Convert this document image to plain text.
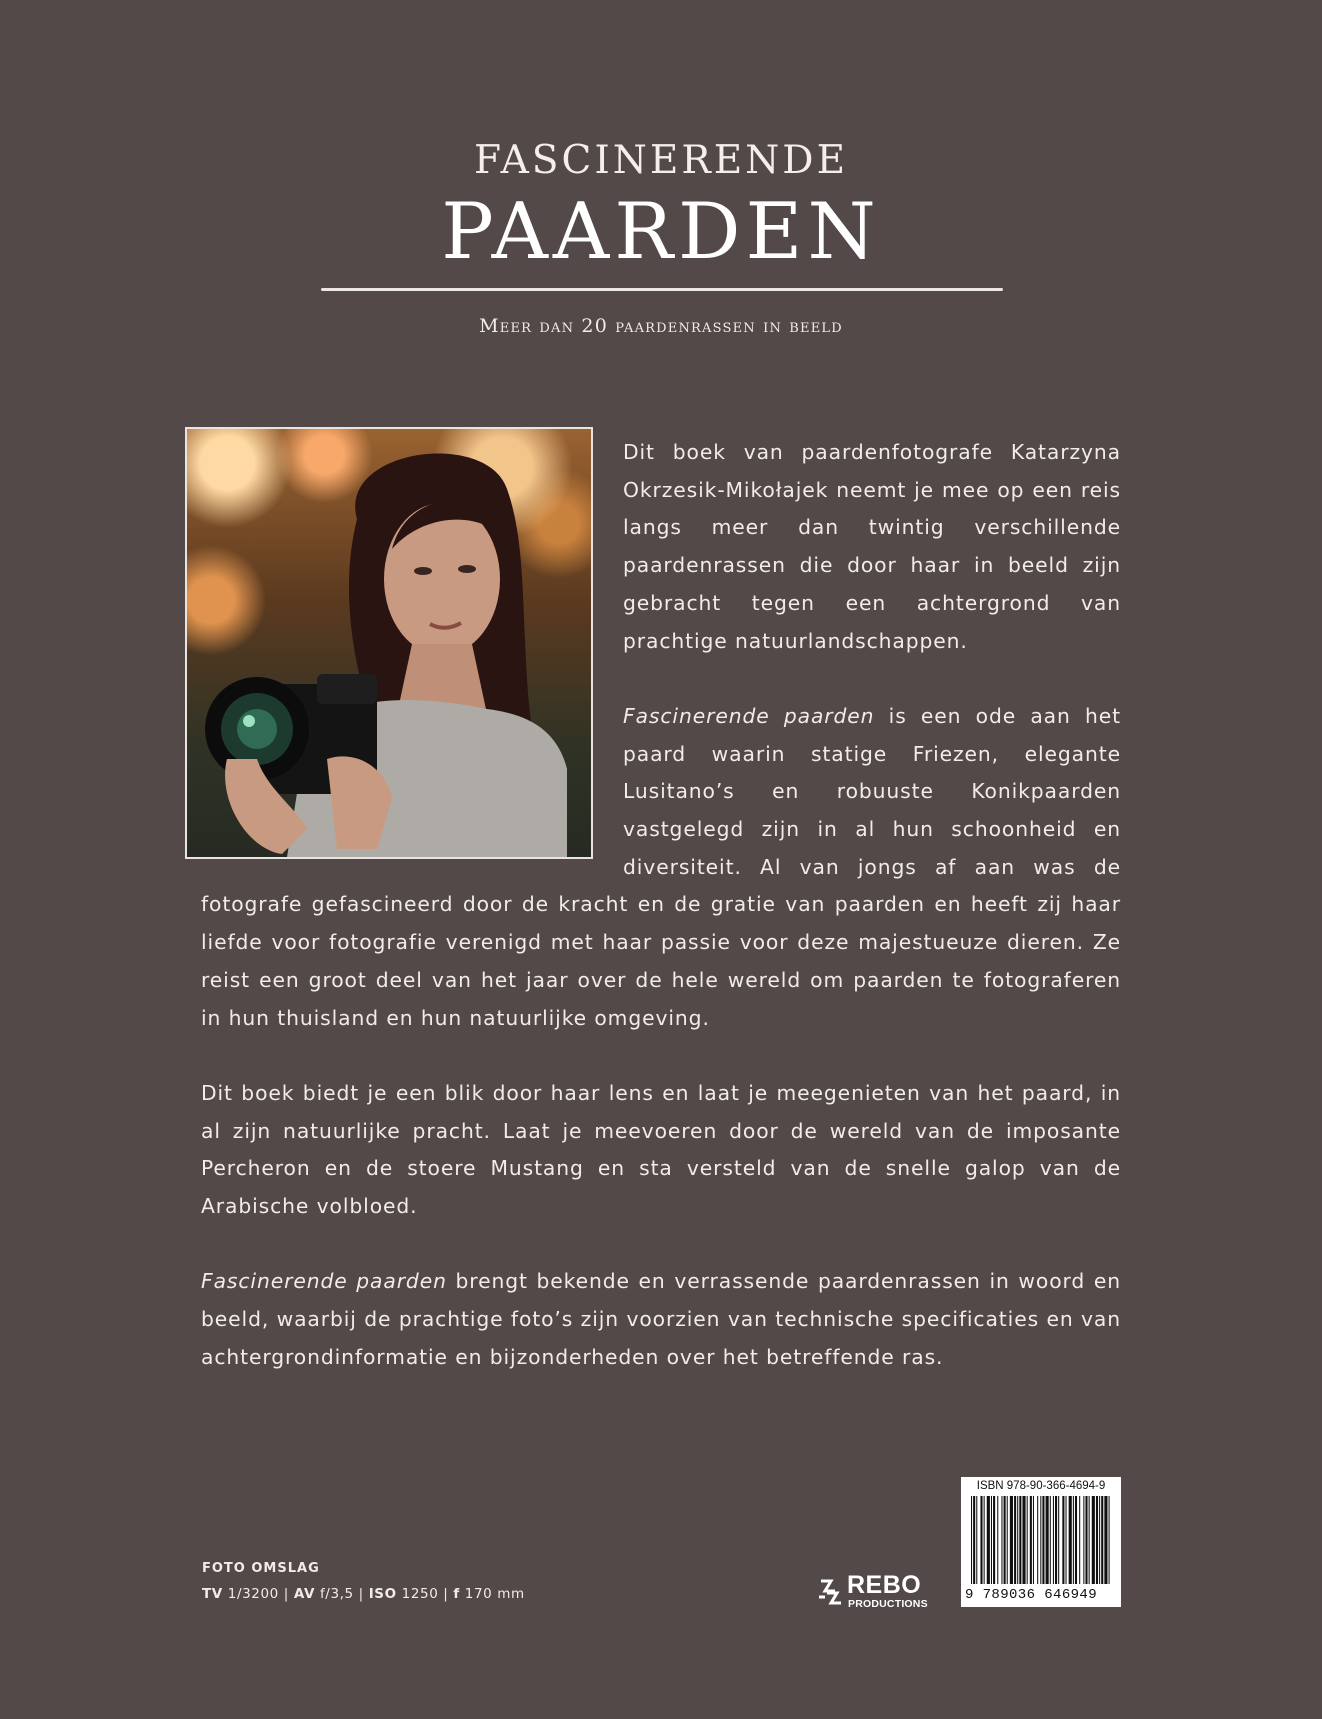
FASCINERENDE
PAARDEN
Meer dan 20 paardenrassen in beeld

Dit boek van paardenfotografe Katarzyna Okrzesik-Mikołajek neemt je mee op een reis langs meer dan twintig verschillende paardenrassen die door haar in beeld zijn gebracht tegen een achtergrond van prachtige natuurlandschappen.

Fascinerende paarden is een ode aan het paard waarin statige Friezen, elegante Lusitano’s en robuuste Konikpaarden vastgelegd zijn in al hun schoonheid en diversiteit. Al van jongs af aan was de fotografe gefascineerd door de kracht en de gratie van paarden en heeft zij haar liefde voor fotografie verenigd met haar passie voor deze majestueuze dieren. Ze reist een groot deel van het jaar over de hele wereld om paarden te fotograferen in hun thuisland en hun natuurlijke omgeving.

Dit boek biedt je een blik door haar lens en laat je meegenieten van het paard, in al zijn natuurlijke pracht. Laat je meevoeren door de wereld van de imposante Percheron en de stoere Mustang en sta versteld van de snelle galop van de Arabische volbloed.

Fascinerende paarden brengt bekende en verrassende paardenrassen in woord en beeld, waarbij de prachtige foto’s zijn voorzien van technische specificaties en van achtergrondinformatie en bijzonderheden over het betreffende ras.

FOTO OMSLAG
TV 1/3200 | AV f/3,5 | ISO 1250 | f 170 mm	REBO
PRODUCTIONS
ISBN 978-90-366-4694-9
9 789036 646949
